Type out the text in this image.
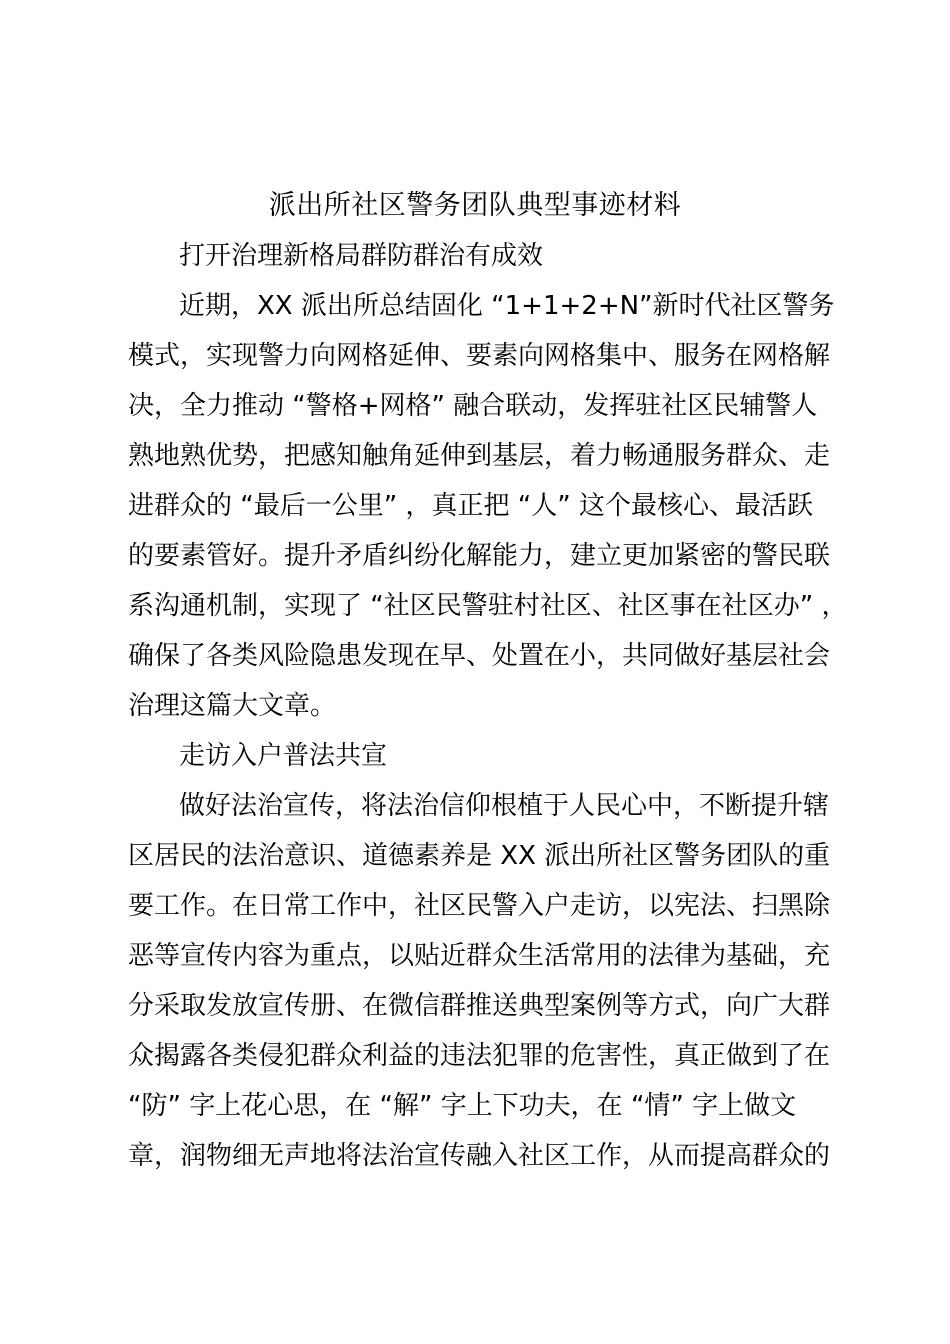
派出所社区警务团队典型事迹材料
打开治理新格局群防群治有成效
近期，XX 派出所总结固化 “1+1+2+N”新时代社区警务
模式，实现警力向网格延伸、要素向网格集中、服务在网格解
决，全力推动 “警格+网格” 融合联动，发挥驻社区民辅警人
熟地熟优势，把感知触角延伸到基层，着力畅通服务群众、走
进群众的 “最后一公里” ，真正把 “人” 这个最核心、最活跃
的要素管好。提升矛盾纠纷化解能力，建立更加紧密的警民联
系沟通机制，实现了 “社区民警驻村社区、社区事在社区办” ，
确保了各类风险隐患发现在早、处置在小，共同做好基层社会
治理这篇大文章。
走访入户普法共宣
做好法治宣传，将法治信仰根植于人民心中，不断提升辖
区居民的法治意识、道德素养是 XX 派出所社区警务团队的重
要工作。在日常工作中，社区民警入户走访，以宪法、扫黑除
恶等宣传内容为重点，以贴近群众生活常用的法律为基础，充
分采取发放宣传册、在微信群推送典型案例等方式，向广大群
众揭露各类侵犯群众利益的违法犯罪的危害性，真正做到了在
“防” 字上花心思，在 “解” 字上下功夫，在 “情” 字上做文
章，润物细无声地将法治宣传融入社区工作，从而提高群众的
